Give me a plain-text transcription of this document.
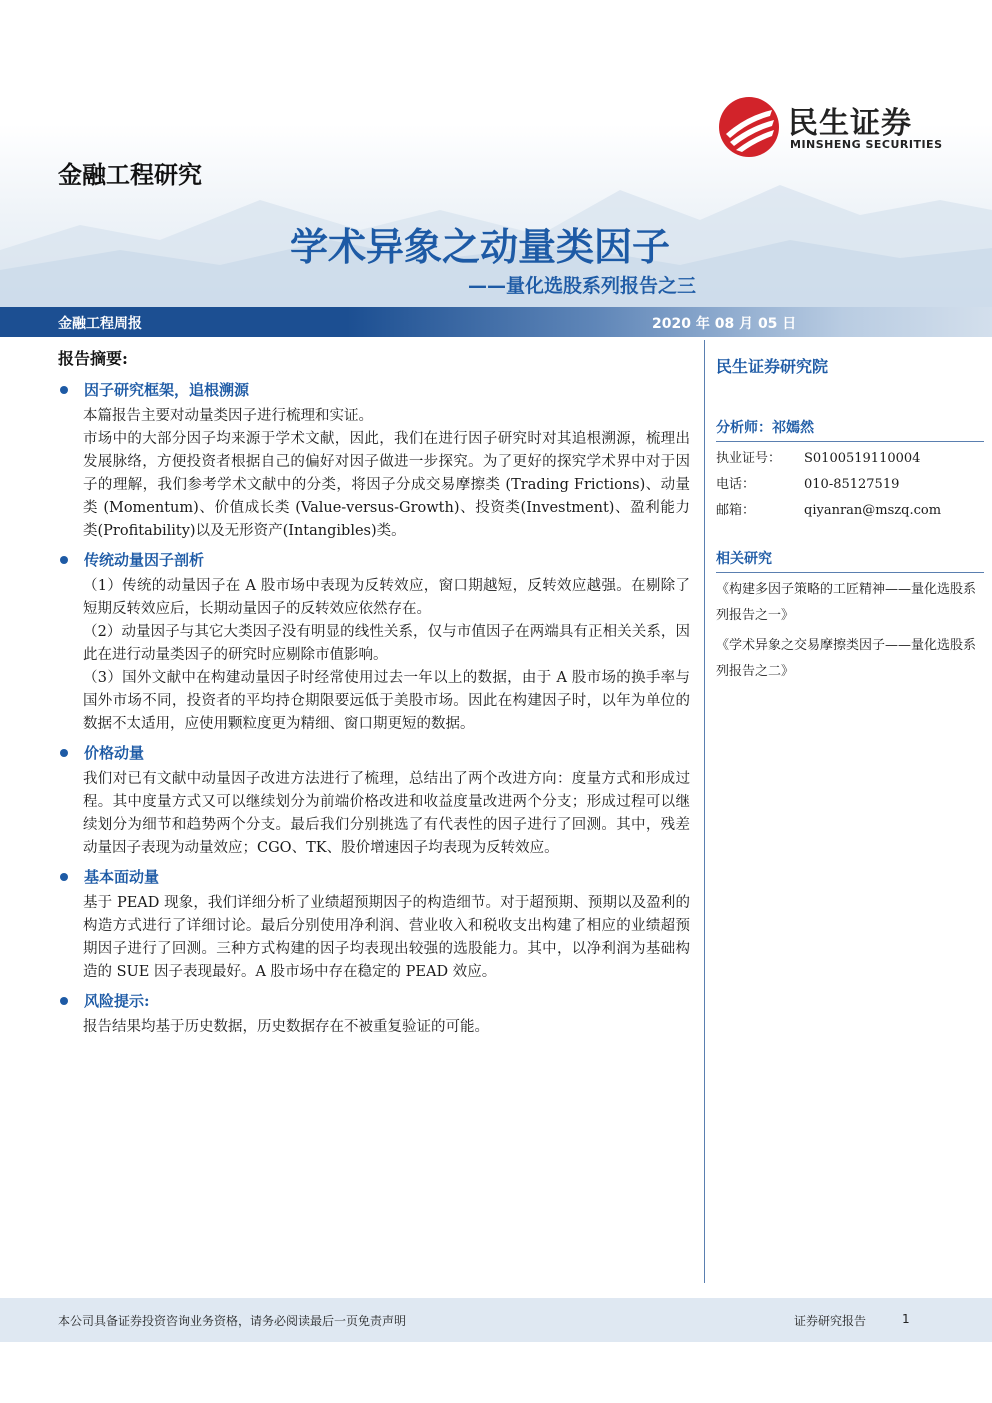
金融工程研究
民生证券
MINSHENG SECURITIES
学术异象之动量类因子
——量化选股系列报告之三
金融工程周报	2020 年 08 月 05 日
报告摘要:
因子研究框架，追根溯源
本篇报告主要对动量类因子进行梳理和实证。
市场中的大部分因子均来源于学术文献，因此，我们在进行因子研究时对其追根溯源，梳理出发展脉络，方便投资者根据自己的偏好对因子做进一步探究。为了更好的探究学术界中对于因子的理解，我们参考学术文献中的分类，将因子分成交易摩擦类 (Trading Frictions)、动量类 (Momentum)、价值成长类 (Value-versus-Growth)、投资类(Investment)、盈利能力类(Profitability)以及无形资产(Intangibles)类。
传统动量因子剖析
（1）传统的动量因子在 A 股市场中表现为反转效应，窗口期越短，反转效应越强。在剔除了短期反转效应后，长期动量因子的反转效应依然存在。
（2）动量因子与其它大类因子没有明显的线性关系，仅与市值因子在两端具有正相关关系，因此在进行动量类因子的研究时应剔除市值影响。
（3）国外文献中在构建动量因子时经常使用过去一年以上的数据，由于 A 股市场的换手率与国外市场不同，投资者的平均持仓期限要远低于美股市场。因此在构建因子时，以年为单位的数据不太适用，应使用颗粒度更为精细、窗口期更短的数据。
价格动量
我们对已有文献中动量因子改进方法进行了梳理，总结出了两个改进方向：度量方式和形成过程。其中度量方式又可以继续划分为前端价格改进和收益度量改进两个分支；形成过程可以继续划分为细节和趋势两个分支。最后我们分别挑选了有代表性的因子进行了回测。其中，残差动量因子表现为动量效应；CGO、TK、股价增速因子均表现为反转效应。
基本面动量
基于 PEAD 现象，我们详细分析了业绩超预期因子的构造细节。对于超预期、预期以及盈利的构造方式进行了详细讨论。最后分别使用净利润、营业收入和税收支出构建了相应的业绩超预期因子进行了回测。三种方式构建的因子均表现出较强的选股能力。其中，以净利润为基础构造的 SUE 因子表现最好。A 股市场中存在稳定的 PEAD 效应。
风险提示:
报告结果均基于历史数据，历史数据存在不被重复验证的可能。
民生证券研究院
分析师：祁嫣然
执业证号：	S0100519110004
电话：	010-85127519
邮箱：	qiyanran@mszq.com
相关研究
《构建多因子策略的工匠精神——量化选股系列报告之一》
《学术异象之交易摩擦类因子——量化选股系列报告之二》
本公司具备证券投资咨询业务资格，请务必阅读最后一页免责声明	证券研究报告	1
